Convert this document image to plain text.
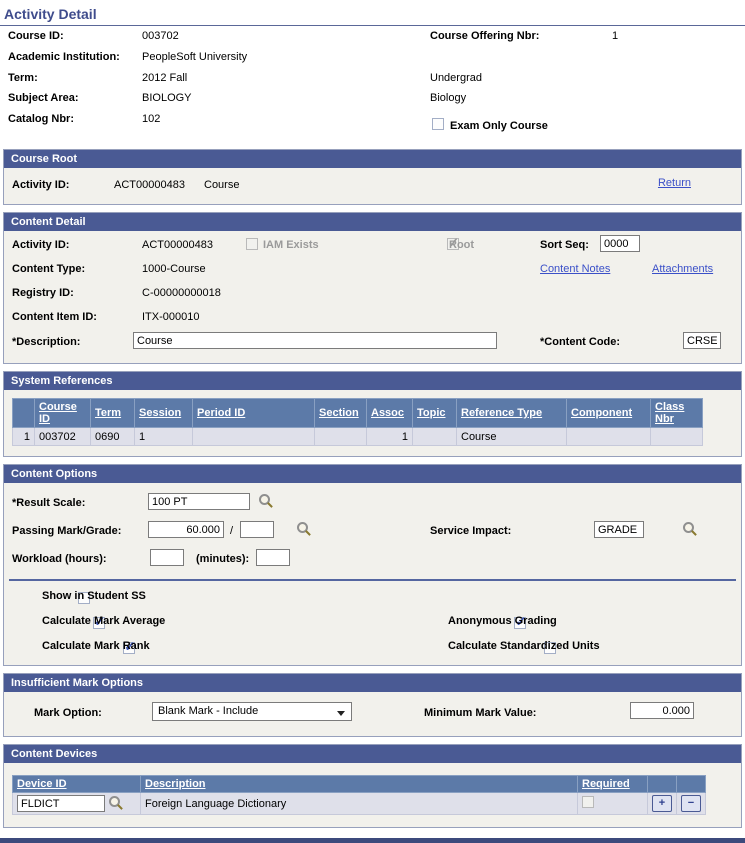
Activity Detail
Course ID:	003702	Course Offering Nbr:	1
Academic Institution: PeopleSoft University
Term:	2012 Fall	Undergrad
Subject Area:	BIOLOGY	Biology
Catalog Nbr:	102
Exam Only Course
Course Root
Activity ID:	ACT00000483 Course	Return
Content Detail
Activity ID:	ACT00000483
	IAM Exists ✓	Root	Sort Seq:
0000
Content Type:	1000-Course	Content Notes	Attachments
Registry ID:	C-00000000018
Content Item ID:	ITX-000010
*Description:
Course	*Content Code:
CRSE
System References
	Course ID	Term	Session	Period ID	Section	Assoc	Topic	Reference Type	Component	Class Nbr
1	003702	0690	1			1		Course		
Content Options
*Result Scale:
100 PT
Passing Mark/Grade:
60.000	/
	Service Impact:
GRADE
Workload (hours):	(minutes):

Show in Student SS
✓
Calculate Mark Average ✓	Anonymous Grading
✓
Calculate Mark Rank	Calculate Standardized Units
Insufficient Mark Options
Mark Option:	Blank Mark - Include	Minimum Mark Value:
0.000
Content Devices
Device ID	Description	Required		
FLDICT	Foreign Language Dictionary		+	−
